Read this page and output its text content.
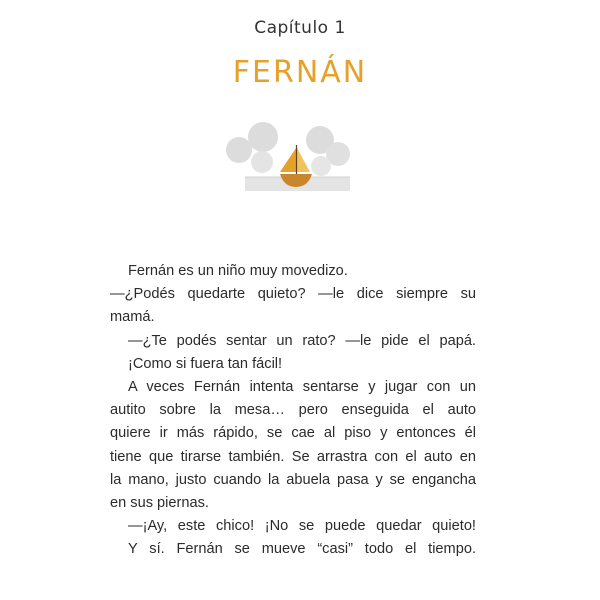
Capítulo 1
FERNÁN
Fernán es un niño muy movedizo.
—¿Podés quedarte quieto? —le dice siempre su
mamá.
—¿Te podés sentar un rato? —le pide el papá.
¡Como si fuera tan fácil!
A veces Fernán intenta sentarse y jugar con un
autito sobre la mesa… pero enseguida el auto
quiere ir más rápido, se cae al piso y entonces él
tiene que tirarse también. Se arrastra con el auto en
la mano, justo cuando la abuela pasa y se engancha
en sus piernas.
—¡Ay, este chico! ¡No se puede quedar quieto!
Y sí. Fernán se mueve “casi” todo el tiempo.
